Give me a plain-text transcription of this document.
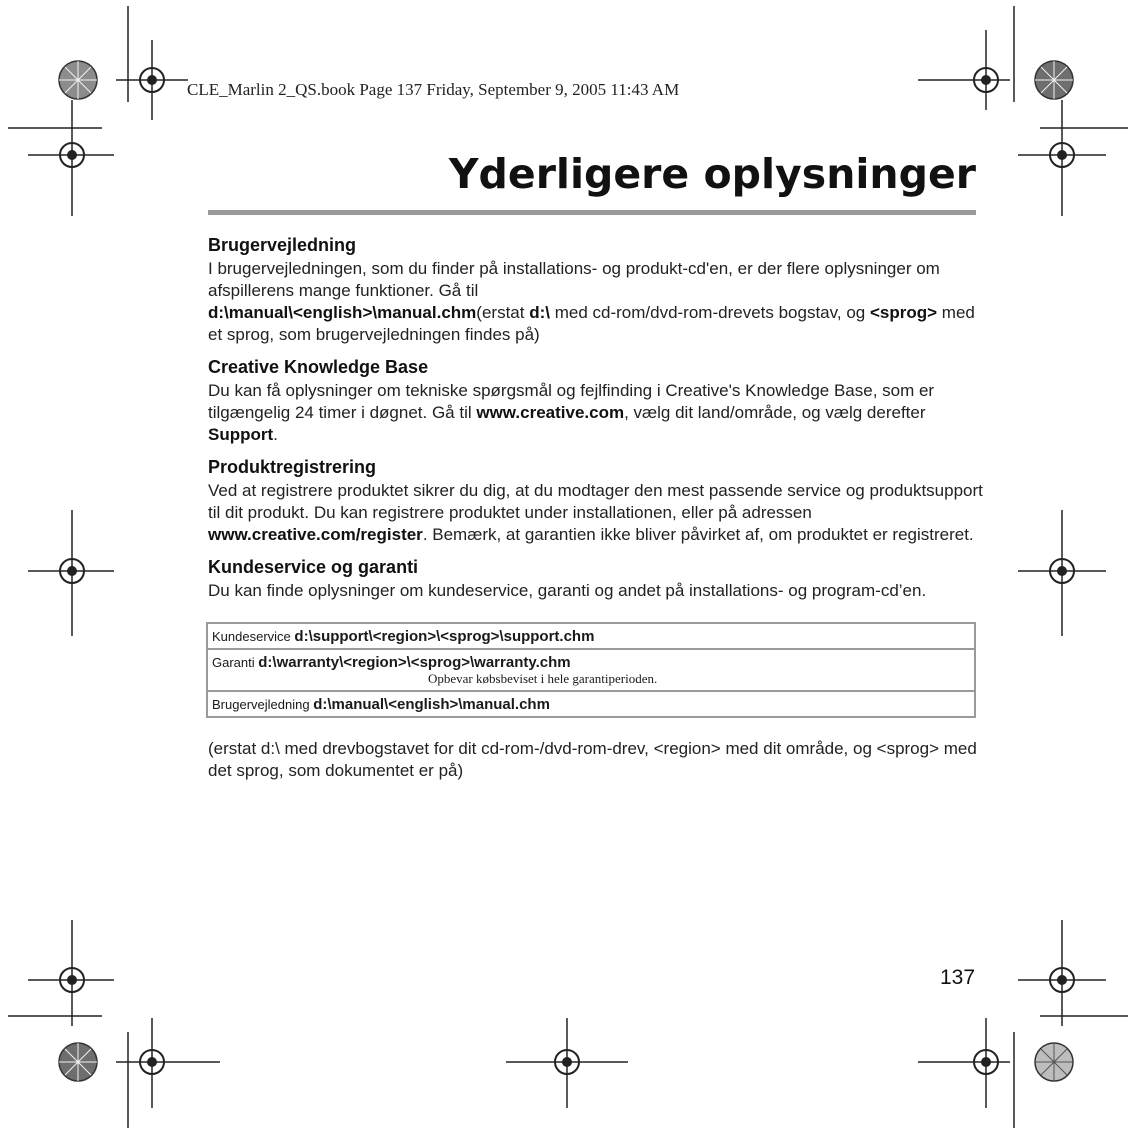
CLE_Marlin 2_QS.book Page 137 Friday, September 9, 2005 11:43 AM
Yderligere oplysninger

Brugervejledning

I brugervejledningen, som du finder på installations- og produkt-cd'en, er der flere oplysninger om afspillerens mange funktioner. Gå til
d:\manual\<english>\manual.chm(erstat d:\ med cd-rom/dvd-rom-drevets bogstav, og <sprog> med et sprog, som brugervejledningen findes på)

Creative Knowledge Base

Du kan få oplysninger om tekniske spørgsmål og fejlfinding i Creative's Knowledge Base, som er tilgængelig 24 timer i døgnet. Gå til www.creative.com, vælg dit land/område, og vælg derefter Support.

Produktregistrering

Ved at registrere produktet sikrer du dig, at du modtager den mest passende service og produktsupport til dit produkt. Du kan registrere produktet under installationen, eller på adressen www.creative.com/register. Bemærk, at garantien ikke bliver påvirket af, om produktet er registreret.

Kundeservice og garanti

Du kan finde oplysninger om kundeservice, garanti og andet på installations- og program-cd’en.

Kundeservice d:\support\<region>\<sprog>\support.chm
Garanti d:\warranty\<region>\<sprog>\warranty.chm
Opbevar købsbeviset i hele garantiperioden.

Brugervejledning d:\manual\<english>\manual.chm

(erstat d:\ med drevbogstavet for dit cd-rom-/dvd-rom-drev, <region> med dit område, og <sprog> med det sprog, som dokumentet er på)

137
